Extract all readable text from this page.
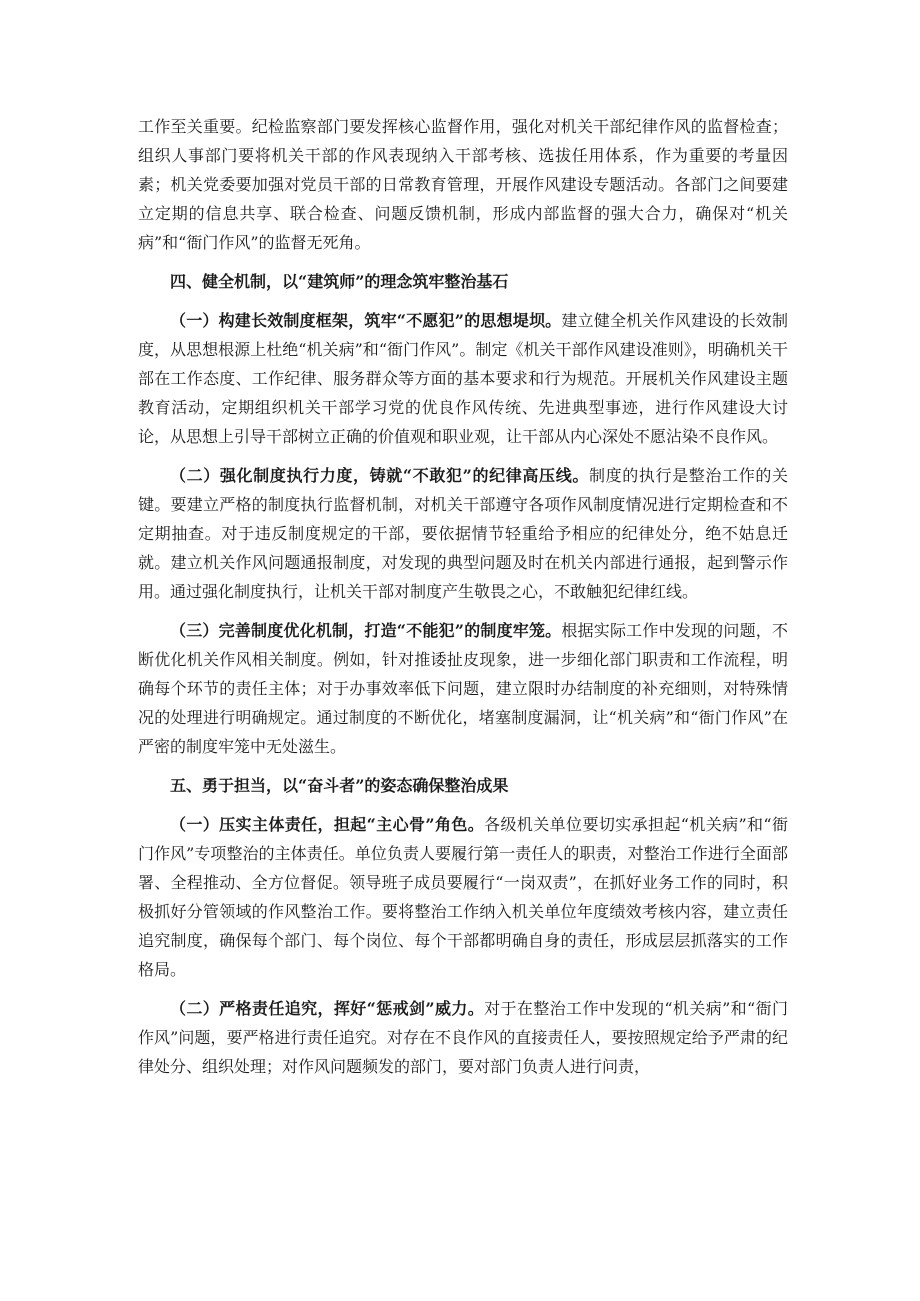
工作至关重要。纪检监察部门要发挥核心监督作用，强化对机关干部纪律作风的监督检查；组织人事部门要将机关干部的作风表现纳入干部考核、选拔任用体系，作为重要的考量因素；机关党委要加强对党员干部的日常教育管理，开展作风建设专题活动。各部门之间要建立定期的信息共享、联合检查、问题反馈机制，形成内部监督的强大合力，确保对“机关病”和“衙门作风”的监督无死角。

四、健全机制，以“建筑师”的理念筑牢整治基石

（一）构建长效制度框架，筑牢“不愿犯”的思想堤坝。建立健全机关作风建设的长效制度，从思想根源上杜绝“机关病”和“衙门作风”。制定《机关干部作风建设准则》，明确机关干部在工作态度、工作纪律、服务群众等方面的基本要求和行为规范。开展机关作风建设主题教育活动，定期组织机关干部学习党的优良作风传统、先进典型事迹，进行作风建设大讨论，从思想上引导干部树立正确的价值观和职业观，让干部从内心深处不愿沾染不良作风。

（二）强化制度执行力度，铸就“不敢犯”的纪律高压线。制度的执行是整治工作的关键。要建立严格的制度执行监督机制，对机关干部遵守各项作风制度情况进行定期检查和不定期抽查。对于违反制度规定的干部，要依据情节轻重给予相应的纪律处分，绝不姑息迁就。建立机关作风问题通报制度，对发现的典型问题及时在机关内部进行通报，起到警示作用。通过强化制度执行，让机关干部对制度产生敬畏之心，不敢触犯纪律红线。

（三）完善制度优化机制，打造“不能犯”的制度牢笼。根据实际工作中发现的问题，不断优化机关作风相关制度。例如，针对推诿扯皮现象，进一步细化部门职责和工作流程，明确每个环节的责任主体；对于办事效率低下问题，建立限时办结制度的补充细则，对特殊情况的处理进行明确规定。通过制度的不断优化，堵塞制度漏洞，让“机关病”和“衙门作风”在严密的制度牢笼中无处滋生。

五、勇于担当，以“奋斗者”的姿态确保整治成果

（一）压实主体责任，担起“主心骨”角色。各级机关单位要切实承担起“机关病”和“衙门作风”专项整治的主体责任。单位负责人要履行第一责任人的职责，对整治工作进行全面部署、全程推动、全方位督促。领导班子成员要履行“一岗双责”，在抓好业务工作的同时，积极抓好分管领域的作风整治工作。要将整治工作纳入机关单位年度绩效考核内容，建立责任追究制度，确保每个部门、每个岗位、每个干部都明确自身的责任，形成层层抓落实的工作格局。

（二）严格责任追究，挥好“惩戒剑”威力。对于在整治工作中发现的“机关病”和“衙门作风”问题，要严格进行责任追究。对存在不良作风的直接责任人，要按照规定给予严肃的纪律处分、组织处理；对作风问题频发的部门，要对部门负责人进行问责，
